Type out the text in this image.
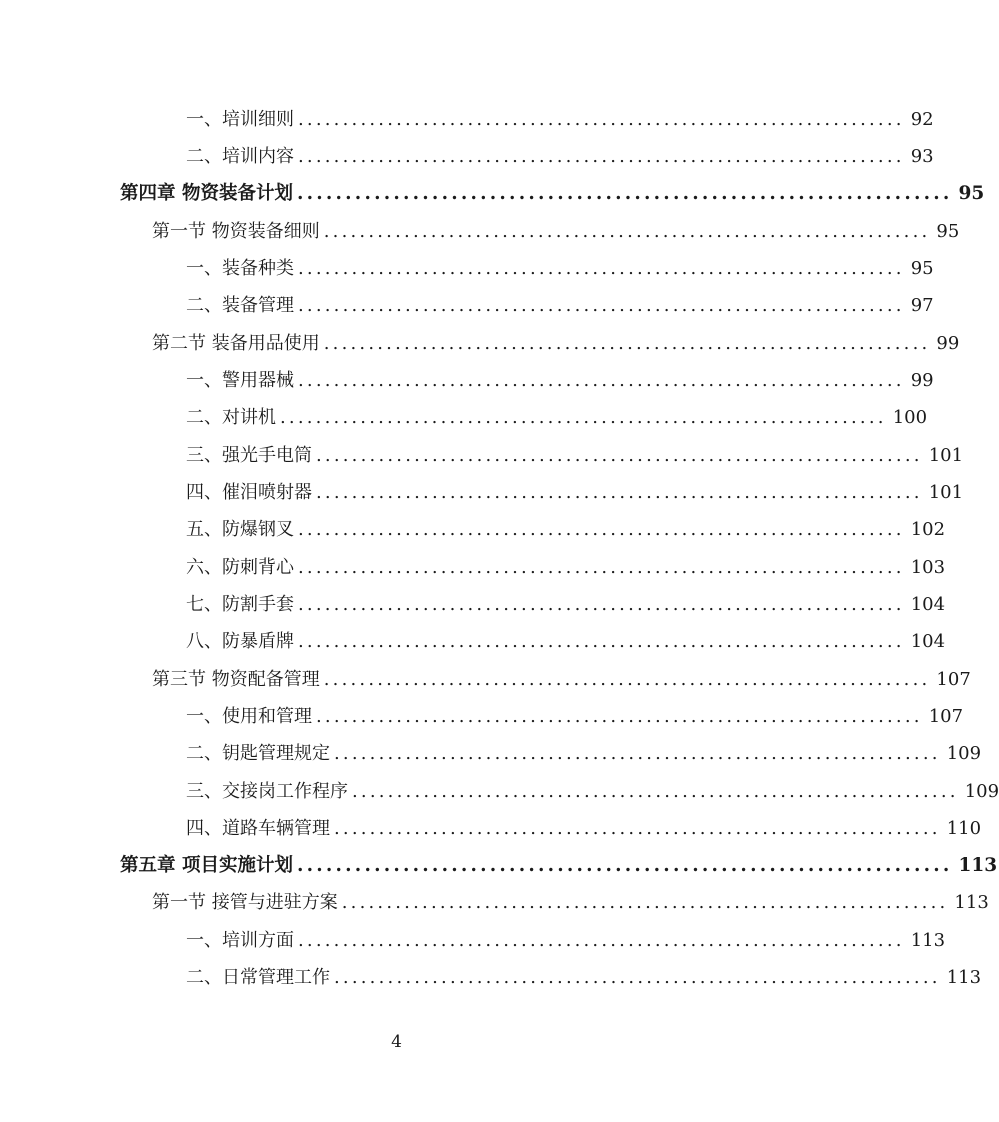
一、培训细则 .................................................................... 92
二、培训内容 .................................................................... 93
第四章 物资装备计划 .................................................................... 95
第一节 物资装备细则 .................................................................... 95
一、装备种类 .................................................................... 95
二、装备管理 .................................................................... 97
第二节 装备用品使用 .................................................................... 99
一、警用器械 .................................................................... 99
二、对讲机 .................................................................... 100
三、强光手电筒 .................................................................... 101
四、催泪喷射器 .................................................................... 101
五、防爆钢叉 .................................................................... 102
六、防刺背心 .................................................................... 103
七、防割手套 .................................................................... 104
八、防暴盾牌 .................................................................... 104
第三节 物资配备管理 .................................................................... 107
一、使用和管理 .................................................................... 107
二、钥匙管理规定 .................................................................... 109
三、交接岗工作程序 .................................................................... 109
四、道路车辆管理 .................................................................... 110
第五章 项目实施计划 .................................................................... 113
第一节 接管与进驻方案 .................................................................... 113
一、培训方面 .................................................................... 113
二、日常管理工作 .................................................................... 113
4
